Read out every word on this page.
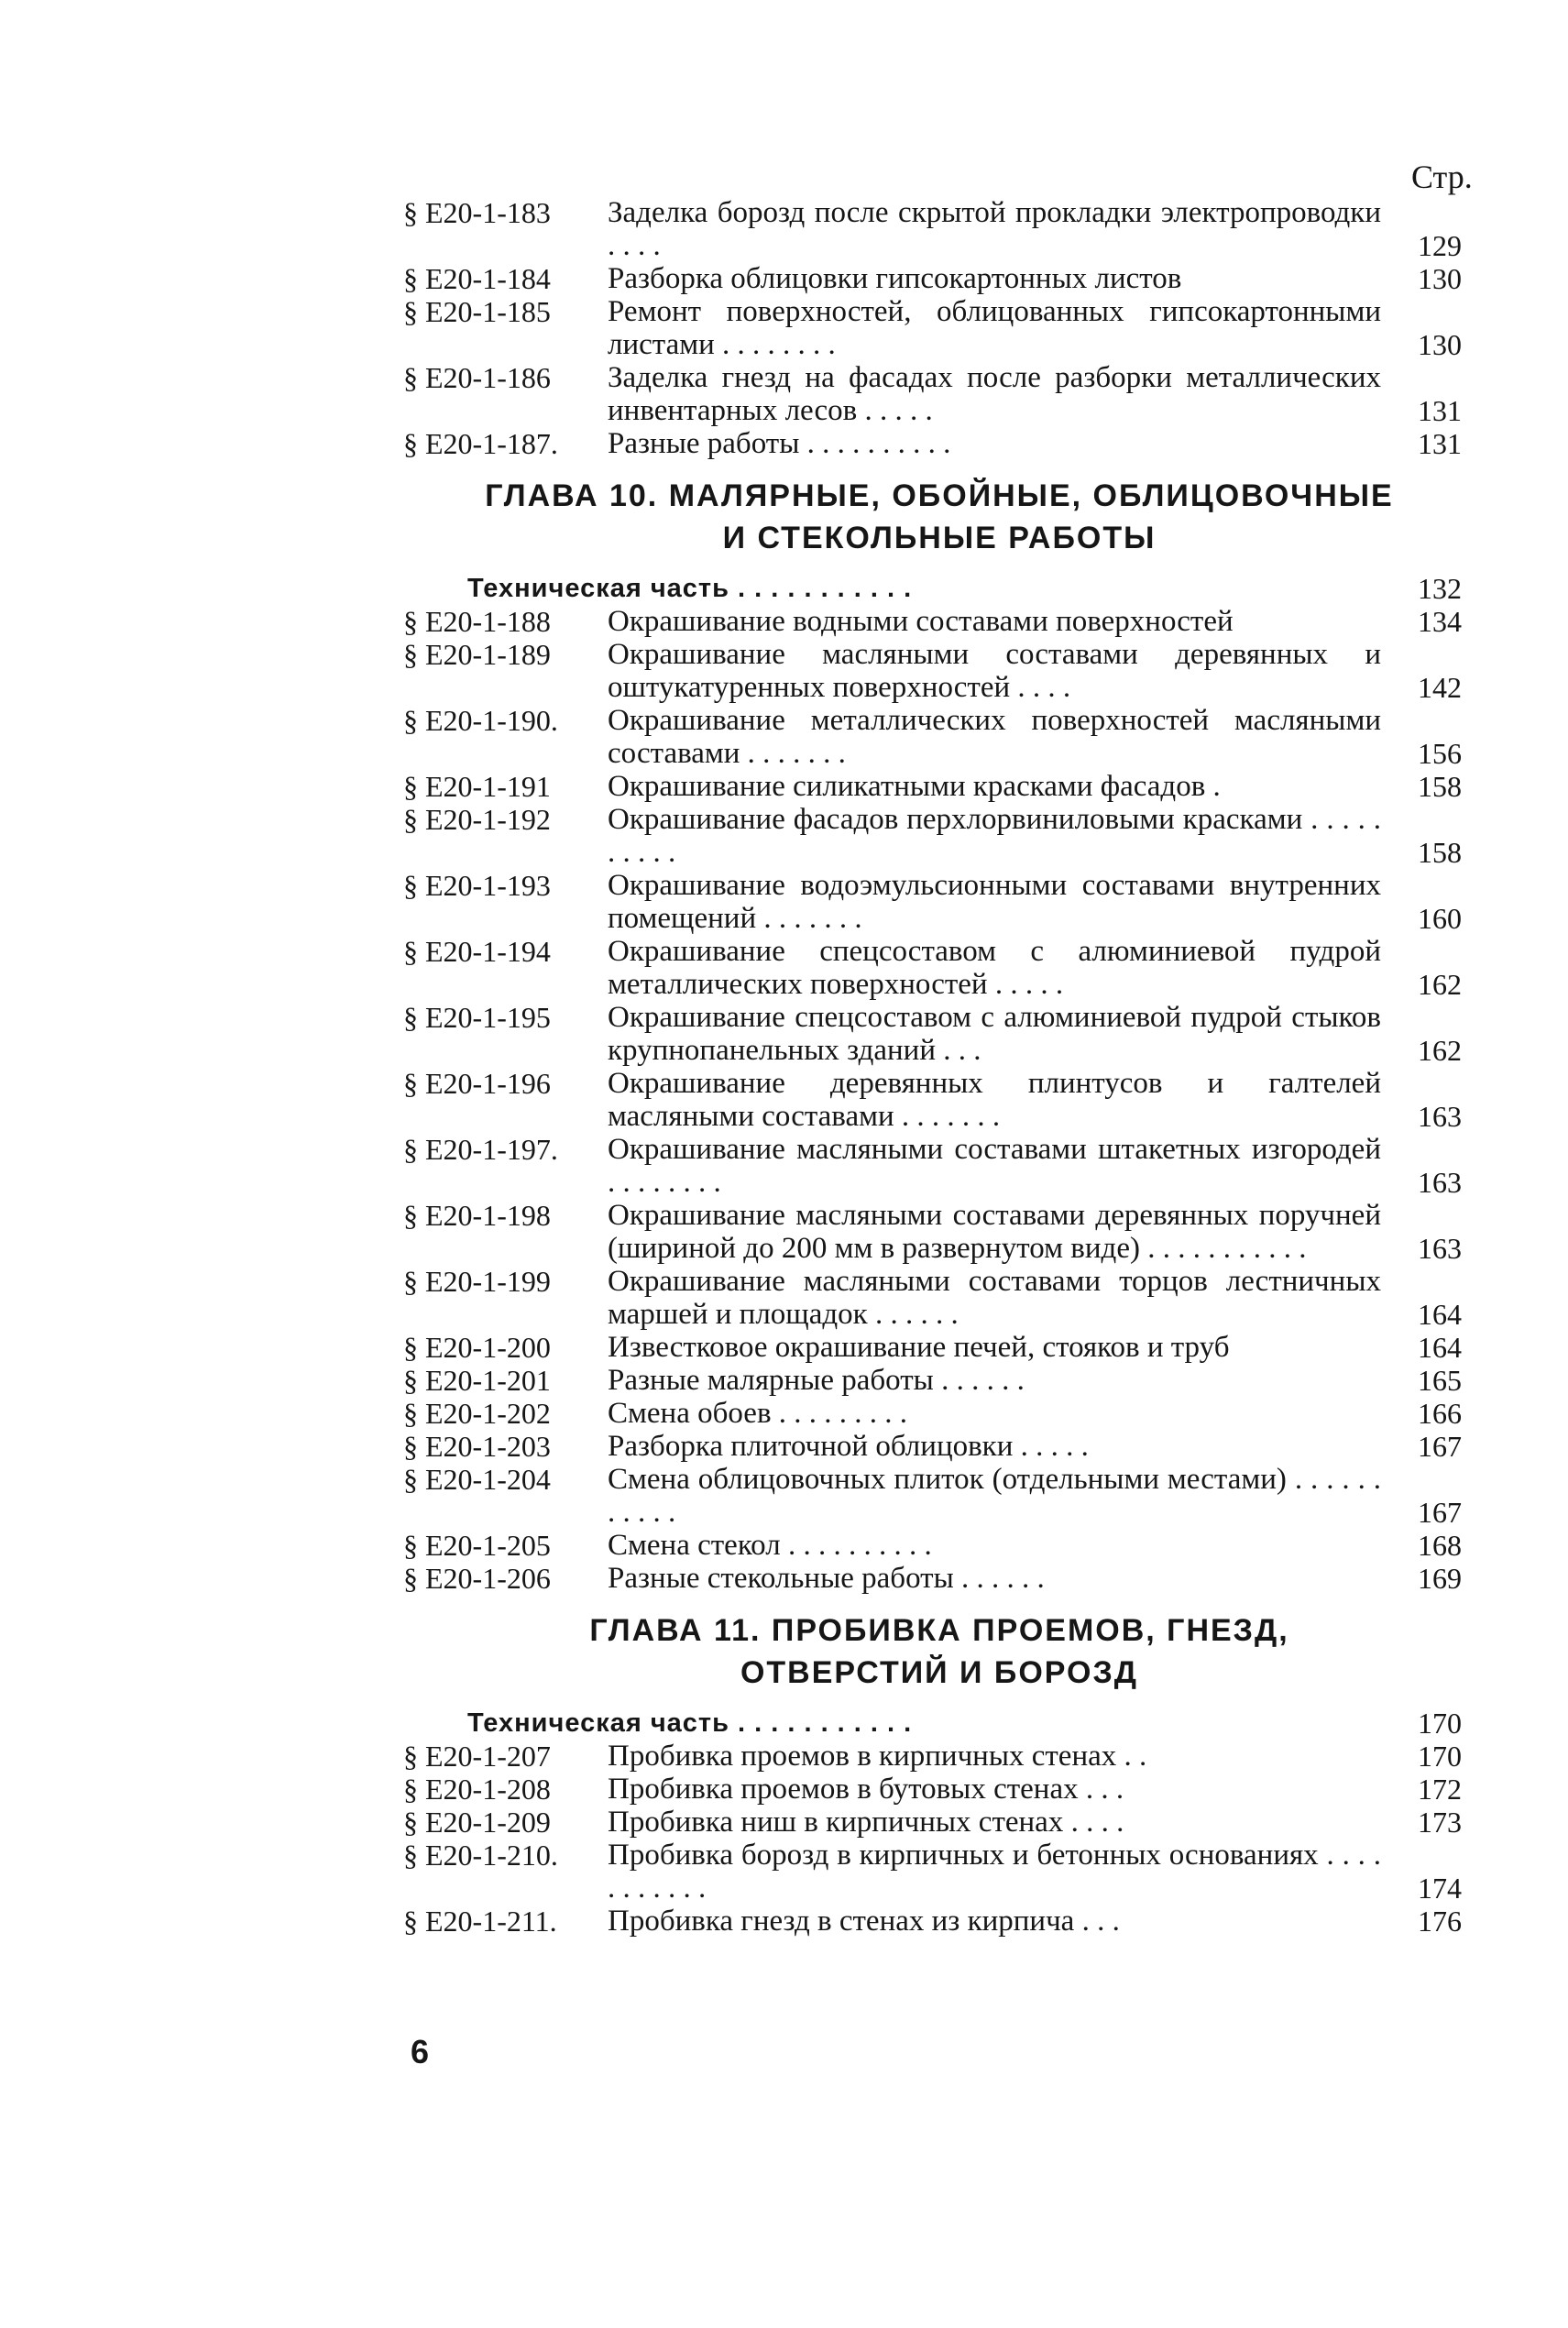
Стр.
§ Е20-1-183 Заделка борозд после скрытой прокладки электропроводки . . . .	129
§ Е20-1-184 Разборка облицовки гипсокартонных листов	130
§ Е20-1-185 Ремонт поверхностей, облицованных гипсокартонными листами . . . . . . . .	130
§ Е20-1-186 Заделка гнезд на фасадах после разборки металлических инвентарных лесов . . . . .	131
§ Е20-1-187. Разные работы . . . . . . . . . .	131
ГЛАВА 10. МАЛЯРНЫЕ, ОБОЙНЫЕ, ОБЛИЦОВОЧНЫЕ
И СТЕКОЛЬНЫЕ РАБОТЫ
Техническая часть . . . . . . . . . . .	132
§ Е20-1-188 Окрашивание водными составами поверхностей	134
§ Е20-1-189 Окрашивание масляными составами деревянных и оштукатуренных поверхностей . . . .	142
§ Е20-1-190. Окрашивание металлических поверхностей масляными составами . . . . . . .	156
§ Е20-1-191 Окрашивание силикатными красками фасадов .	158
§ Е20-1-192 Окрашивание фасадов перхлорвиниловыми красками . . . . . . . . . .	158
§ Е20-1-193 Окрашивание водоэмульсионными составами внутренних помещений . . . . . . .	160
§ Е20-1-194 Окрашивание спецсоставом с алюминиевой пудрой металлических поверхностей . . . . .	162
§ Е20-1-195 Окрашивание спецсоставом с алюминиевой пудрой стыков крупнопанельных зданий . . .	162
§ Е20-1-196 Окрашивание деревянных плинтусов и галтелей масляными составами . . . . . . .	163
§ Е20-1-197. Окрашивание масляными составами штакетных изгородей . . . . . . . .	163
§ Е20-1-198 Окрашивание масляными составами деревянных поручней (шириной до 200 мм в развернутом виде) . . . . . . . . . . .	163
§ Е20-1-199 Окрашивание масляными составами торцов лестничных маршей и площадок . . . . . .	164
§ Е20-1-200 Известковое окрашивание печей, стояков и труб	164
§ Е20-1-201 Разные малярные работы . . . . . .	165
§ Е20-1-202 Смена обоев . . . . . . . . .	166
§ Е20-1-203 Разборка плиточной облицовки . . . . .	167
§ Е20-1-204 Смена облицовочных плиток (отдельными местами) . . . . . . . . . . .	167
§ Е20-1-205 Смена стекол . . . . . . . . . .	168
§ Е20-1-206 Разные стекольные работы . . . . . .	169
ГЛАВА 11. ПРОБИВКА ПРОЕМОВ, ГНЕЗД,
ОТВЕРСТИЙ И БОРОЗД
Техническая часть . . . . . . . . . . .	170
§ Е20-1-207 Пробивка проемов в кирпичных стенах . .	170
§ Е20-1-208 Пробивка проемов в бутовых стенах . . .	172
§ Е20-1-209 Пробивка ниш в кирпичных стенах . . . .	173
§ Е20-1-210. Пробивка борозд в кирпичных и бетонных основаниях . . . . . . . . . . .	174
§ Е20-1-211. Пробивка гнезд в стенах из кирпича . . .	176
6
